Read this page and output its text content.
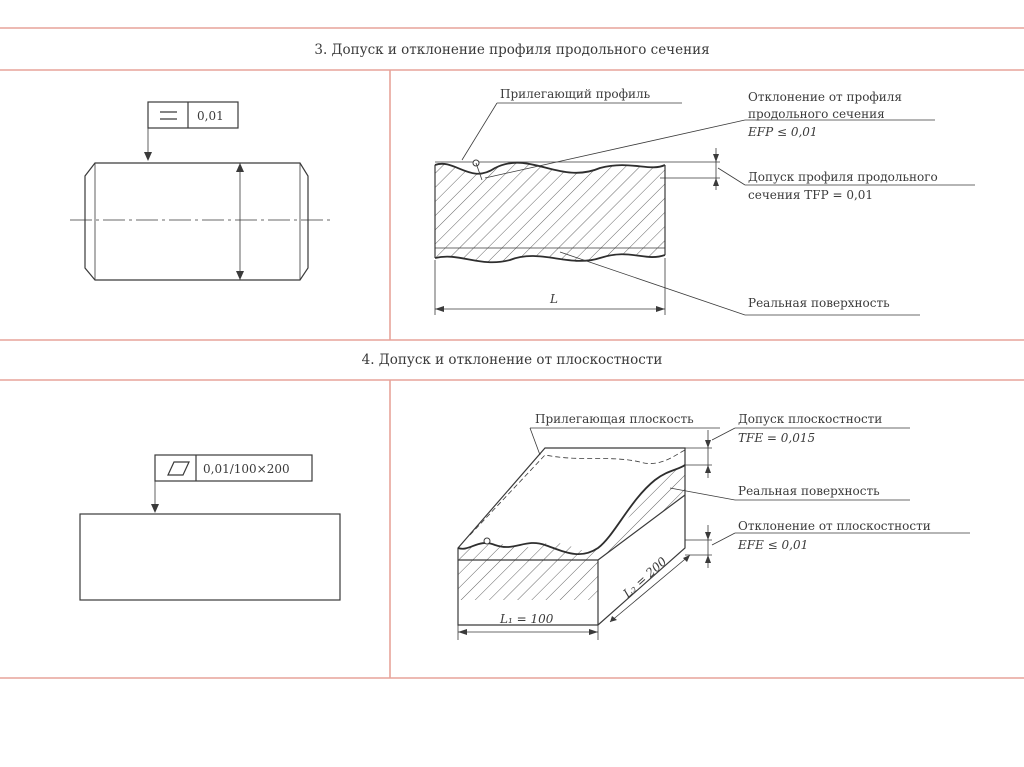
3. Допуск и отклонение профиля продольного сечения
0,01
Прилегающий профиль	Отклонение от профиля
продольного сечения
EFP ≤ 0,01
Допуск профиля продольного
сечения TFP = 0,01
Реальная поверхность
L
4. Допуск и отклонение от плоскостности
0,01/100×200
Прилегающая плоскость	Допуск плоскостности
TFE = 0,015
Реальная поверхность
Отклонение от плоскостности
EFE ≤ 0,01
L₁ = 100
L₂ = 200
